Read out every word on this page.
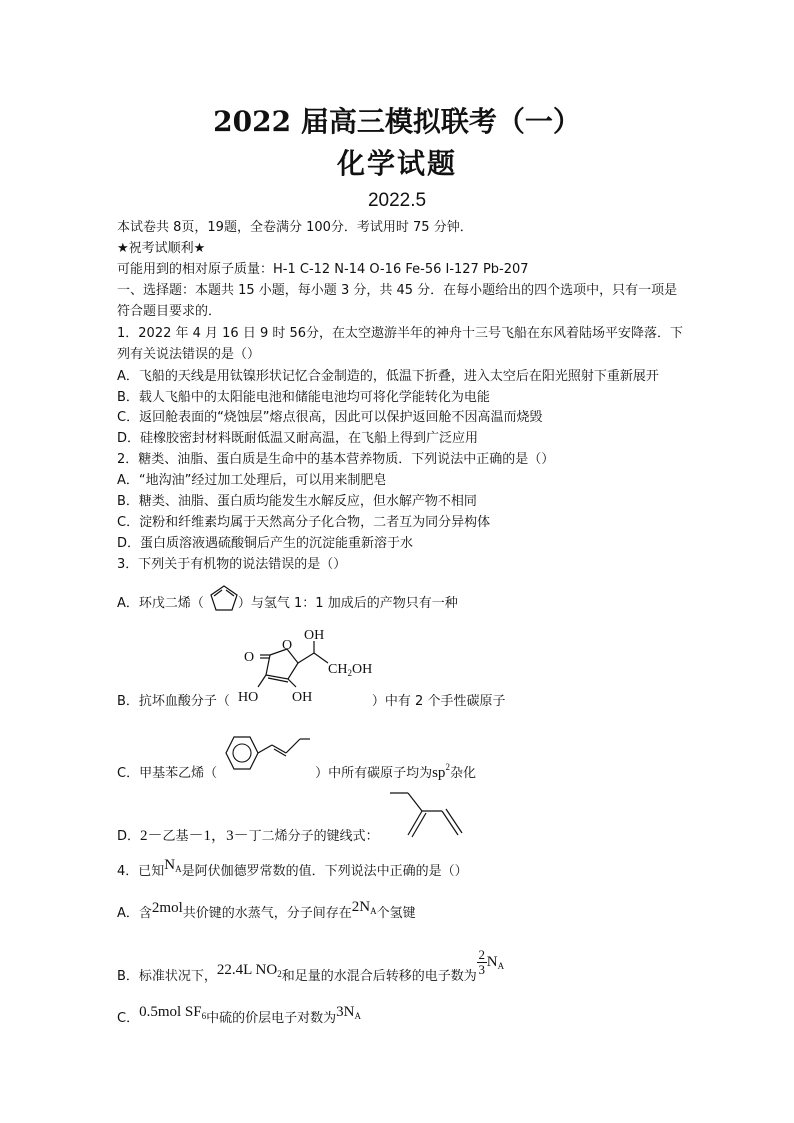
2022 届高三模拟联考（一）
化学试题
2022.5
本试卷共 8页，19题，全卷满分 100分．考试用时 75 分钟．
★祝考试顺利★
可能用到的相对原子质量：H-1 C-12 N-14 O-16 Fe-56 I-127 Pb-207
一、选择题：本题共 15 小题，每小题 3 分，共 45 分．在每小题给出的四个选项中，只有一项是
符合题目要求的．
1．2022 年 4 月 16 日 9 时 56分，在太空遨游半年的神舟十三号飞船在东风着陆场平安降落．下
列有关说法错误的是（）
A．飞船的天线是用钛镍形状记忆合金制造的，低温下折叠，进入太空后在阳光照射下重新展开
B．载人飞船中的太阳能电池和储能电池均可将化学能转化为电能
C．返回舱表面的“烧蚀层”熔点很高，因此可以保护返回舱不因高温而烧毁
D．硅橡胶密封材料既耐低温又耐高温，在飞船上得到广泛应用
2．糖类、油脂、蛋白质是生命中的基本营养物质．下列说法中正确的是（）
A．“地沟油”经过加工处理后，可以用来制肥皂
B．糖类、油脂、蛋白质均能发生水解反应，但水解产物不相同
C．淀粉和纤维素均属于天然高分子化合物，二者互为同分异构体
D．蛋白质溶液遇硫酸铜后产生的沉淀能重新溶于水
3．下列关于有机物的说法错误的是（）
A．环戊二烯（	）与氢气 1：1 加成后的产物只有一种
OH
$CH_2OH$
O
O
HO OH
B．抗坏血酸分子（	）中有 2 个手性碳原子
C．甲基苯乙烯（	）中所有碳原子均为$sp^2$杂化
D．2－乙基－1，3－丁二烯分子的键线式：
4．已知$N_A$是阿伏伽德罗常数的值．下列说法中正确的是（）
A．含2mol共价键的水蒸气，分子间存在$2N_A$个氢键
B．标准状况下，22.4L $NO_2$和足量的水混合后转移的电子数为 $\frac{2}{3} N_A$
C．0.5mol $SF_6$中硫的价层电子对数为$3N_A$
